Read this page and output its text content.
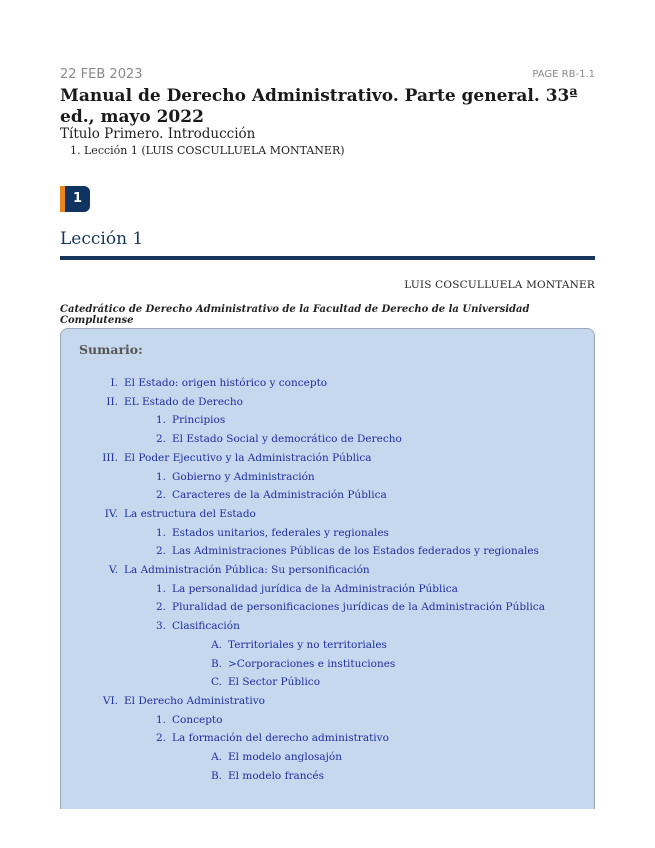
22 FEB 2023	PAGE RB-1.1
Manual de Derecho Administrativo. Parte general. 33ª ed., mayo 2022
Título Primero. Introducción
1. Lección 1 (LUIS COSCULLUELA MONTANER)
1
Lección 1
LUIS COSCULLUELA MONTANER
Catedrático de Derecho Administrativo de la Facultad de Derecho de la Universidad Complutense
Sumario:
I. El Estado: origen histórico y concepto
II. EL Estado de Derecho
1. Principios
2. El Estado Social y democrático de Derecho
III. El Poder Ejecutivo y la Administración Pública
1. Gobierno y Administración
2. Caracteres de la Administración Pública
IV. La estructura del Estado
1. Estados unitarios, federales y regionales
2. Las Administraciones Públicas de los Estados federados y regionales
V. La Administración Pública: Su personificación
1. La personalidad jurídica de la Administración Pública
2. Pluralidad de personificaciones jurídicas de la Administración Pública
3. Clasificación
A. Territoriales y no territoriales
B. >Corporaciones e instituciones
C. El Sector Público
VI. El Derecho Administrativo
1. Concepto
2. La formación del derecho administrativo
A. El modelo anglosajón
B. El modelo francés
